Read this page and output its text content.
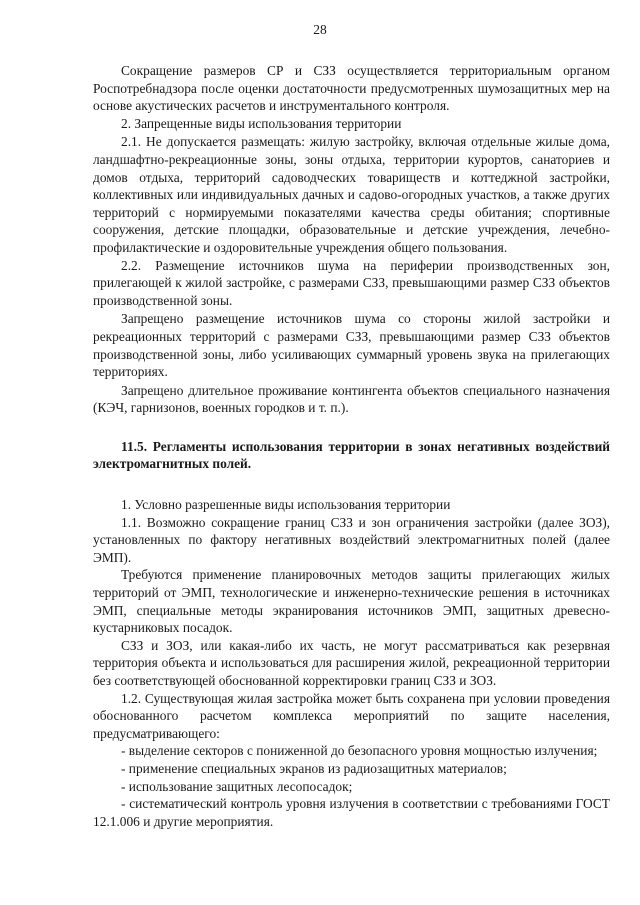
28

Сокращение размеров СР и СЗЗ осуществляется территориальным органом Роспотребнадзора после оценки достаточности предусмотренных шумозащитных мер на основе акустических расчетов и инструментального контроля.

2. Запрещенные виды использования территории

2.1. Не допускается размещать: жилую застройку, включая отдельные жилые дома, ландшафтно-рекреационные зоны, зоны отдыха, территории курортов, санаториев и домов отдыха, территорий садоводческих товариществ и коттеджной застройки, коллективных или индивидуальных дачных и садово-огородных участков, а также других территорий с нормируемыми показателями качества среды обитания; спортивные сооружения, детские площадки, образовательные и детские учреждения, лечебно-профилактические и оздоровительные учреждения общего пользования.

2.2. Размещение источников шума на периферии производственных зон, прилегающей к жилой застройке, с размерами СЗЗ, превышающими размер СЗЗ объектов производственной зоны.

Запрещено размещение источников шума со стороны жилой застройки и рекреационных территорий с размерами СЗЗ, превышающими размер СЗЗ объектов производственной зоны, либо усиливающих суммарный уровень звука на прилегающих территориях.

Запрещено длительное проживание контингента объектов специального назначения (КЭЧ, гарнизонов, военных городков и т. п.).

11.5. Регламенты использования территории в зонах негативных воздействий электромагнитных полей.

1. Условно разрешенные виды использования территории

1.1. Возможно сокращение границ СЗЗ и зон ограничения застройки (далее ЗОЗ), установленных по фактору негативных воздействий электромагнитных полей (далее ЭМП).

Требуются применение планировочных методов защиты прилегающих жилых территорий от ЭМП, технологические и инженерно-технические решения в источниках ЭМП, специальные методы экранирования источников ЭМП, защитных древесно-кустарниковых посадок.

СЗЗ и ЗОЗ, или какая-либо их часть, не могут рассматриваться как резервная территория объекта и использоваться для расширения жилой, рекреационной территории без соответствующей обоснованной корректировки границ СЗЗ и ЗОЗ.

1.2. Существующая жилая застройка может быть сохранена при условии проведения обоснованного расчетом комплекса мероприятий по защите населения, предусматривающего:

- выделение секторов с пониженной до безопасного уровня мощностью излучения;

- применение специальных экранов из радиозащитных материалов;

- использование защитных лесопосадок;

- систематический контроль уровня излучения в соответствии с требованиями ГОСТ 12.1.006 и другие мероприятия.
